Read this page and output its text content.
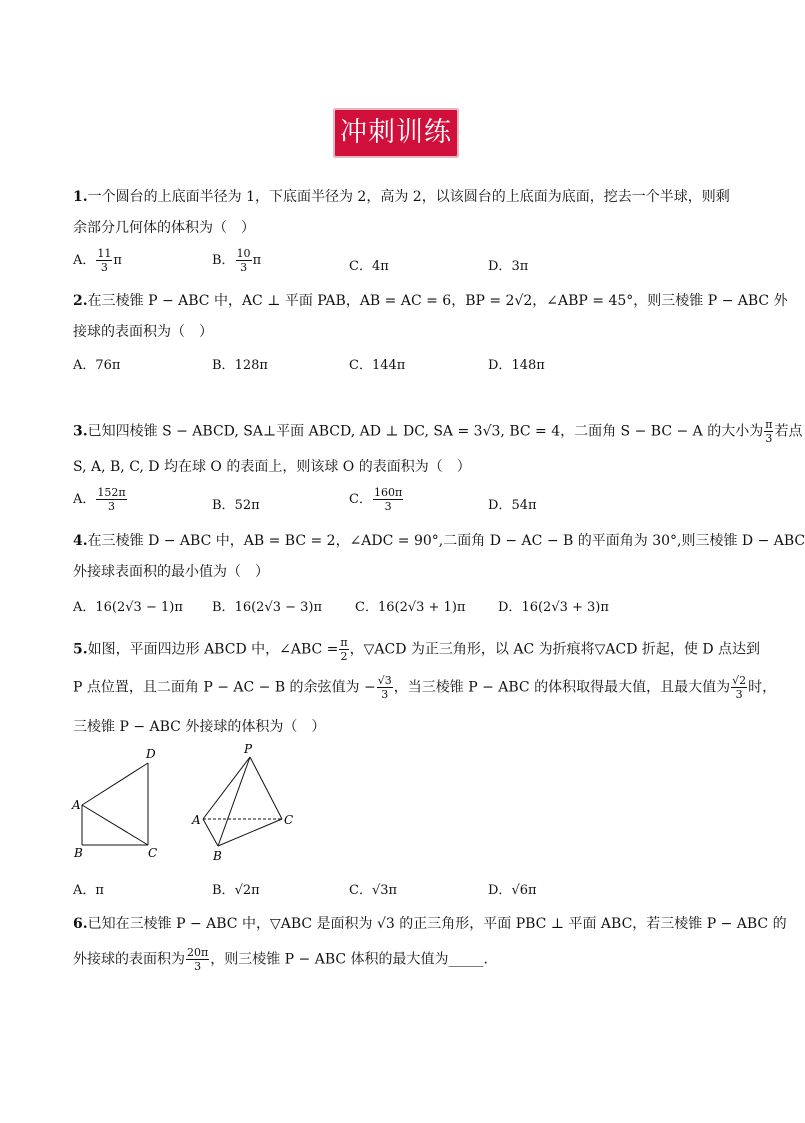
冲刺训练
1.一个圆台的上底面半径为 1，下底面半径为 2，高为 2，以该圆台的上底面为底面，挖去一个半球，则剩
余部分几何体的体积为（　）
A． $\frac{11}{3}$ π	B． $\frac{10}{3}$ π	C．4π	D．3π
2.在三棱锥 P − ABC 中，AC ⊥ 平面 PAB，AB = AC = 6，BP = 2√2，∠ABP = 45°，则三棱锥 P − ABC 外
接球的表面积为（　）
A．76π	B．128π	C．144π	D．148π
3.已知四棱锥 S − ABCD, SA⊥平面 ABCD, AD ⊥ DC, SA = 3√3, BC = 4，二面角 S − BC − A 的大小为 $\frac{\pi}{3}$ 若点
S, A, B, C, D 均在球 O 的表面上，则该球 O 的表面积为（　）
A． $\frac{152\pi}{3}$	B．52π	C． $\frac{160\pi}{3}$	D．54π
4.在三棱锥 D − ABC 中，AB = BC = 2，∠ADC = 90°,二面角 D − AC − B 的平面角为 30°,则三棱锥 D − ABC
外接球表面积的最小值为（　）
A．16(2√3 − 1)π B．16(2√3 − 3)π	C．16(2√3 + 1)π	D．16(2√3 + 3)π
5.如图，平面四边形 ABCD 中，∠ABC = $\frac{\pi}{2}$ ，▽ACD 为正三角形，以 AC 为折痕将▽ACD 折起，使 D 点达到
P 点位置，且二面角 P − AC − B 的余弦值为 − $\frac{√3}{3}$ ，当三棱锥 P − ABC 的体积取得最大值，且最大值为 $\frac{√2}{3}$ 时，
三棱锥 P − ABC 外接球的体积为（　）
D
A
B	C
P
A
B
C
A．π	B．√2π	C．√3π	D．√6π
6.已知在三棱锥 P − ABC 中，▽ABC 是面积为 √3 的正三角形，平面 PBC ⊥ 平面 ABC，若三棱锥 P − ABC 的
外接球的表面积为 $\frac{20\pi}{3}$ ，则三棱锥 P − ABC 体积的最大值为_____.
